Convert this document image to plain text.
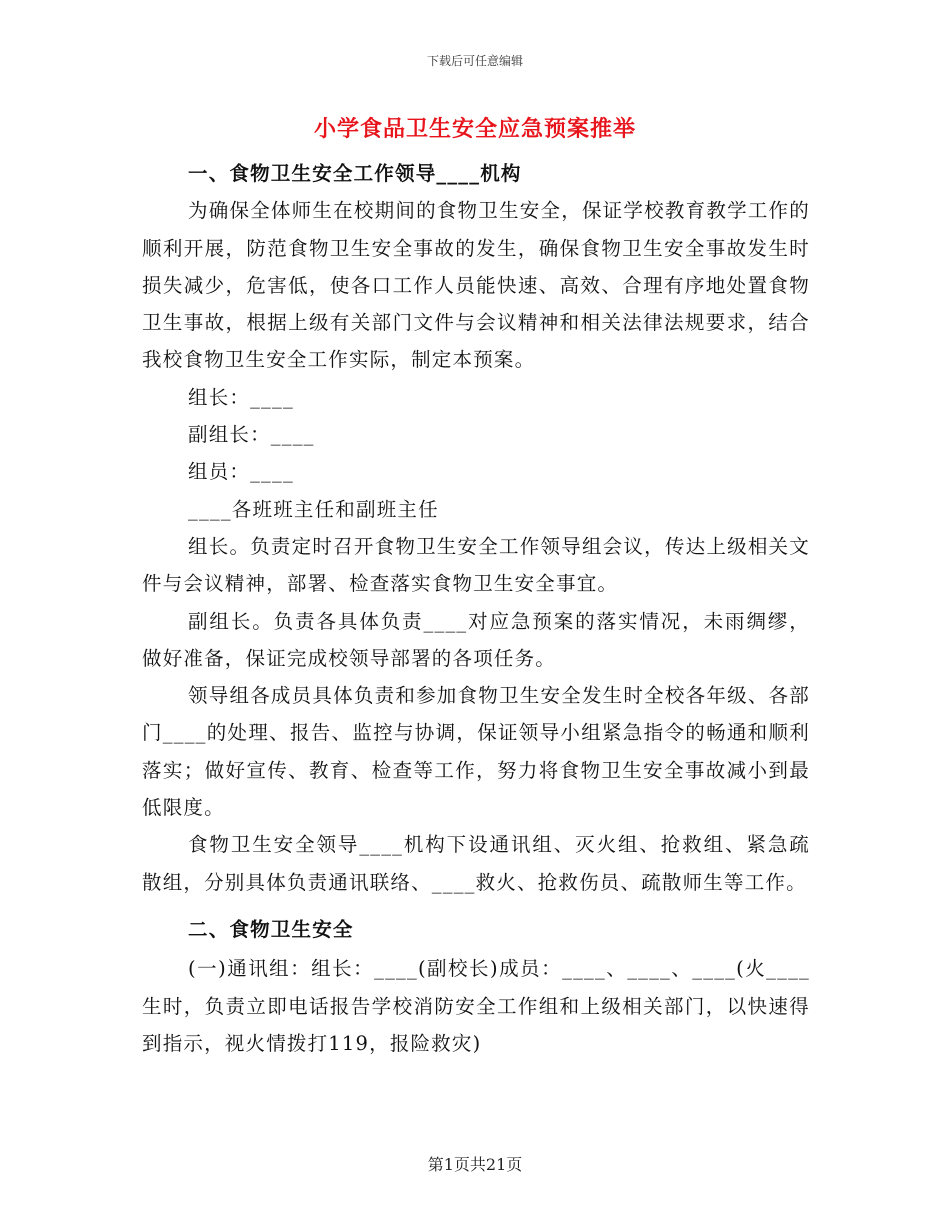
下载后可任意编辑
小学食品卫生安全应急预案推举

一、食物卫生安全工作领导____机构

为确保全体师生在校期间的食物卫生安全，保证学校教育教学工作的顺利开展，防范食物卫生安全事故的发生，确保食物卫生安全事故发生时损失减少，危害低，使各口工作人员能快速、高效、合理有序地处置食物卫生事故，根据上级有关部门文件与会议精神和相关法律法规要求，结合我校食物卫生安全工作实际，制定本预案。

组长：____

副组长：____

组员：____

____各班班主任和副班主任

组长。负责定时召开食物卫生安全工作领导组会议，传达上级相关文件与会议精神，部署、检查落实食物卫生安全事宜。

副组长。负责各具体负责____对应急预案的落实情况，未雨绸缪，做好准备，保证完成校领导部署的各项任务。

领导组各成员具体负责和参加食物卫生安全发生时全校各年级、各部门____的处理、报告、监控与协调，保证领导小组紧急指令的畅通和顺利落实；做好宣传、教育、检查等工作，努力将食物卫生安全事故减小到最低限度。

食物卫生安全领导____机构下设通讯组、灭火组、抢救组、紧急疏散组，分别具体负责通讯联络、____救火、抢救伤员、疏散师生等工作。

二、食物卫生安全

(一)通讯组：组长：____(副校长)成员：____、____、____(火____生时，负责立即电话报告学校消防安全工作组和上级相关部门，以快速得到指示，视火情拨打119，报险救灾)

第1页共21页
